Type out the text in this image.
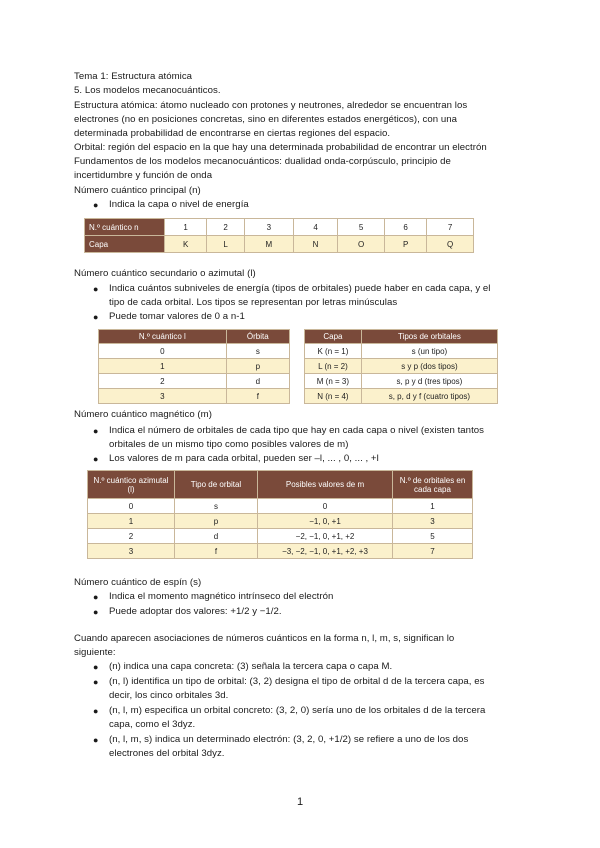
Tema 1: Estructura atómica
5. Los modelos mecanocuánticos.
Estructura atómica: átomo nucleado con protones y neutrones, alrededor se encuentran los
electrones (no en posiciones concretas, sino en diferentes estados energéticos), con una
determinada probabilidad de encontrarse en ciertas regiones del espacio.
Orbital: región del espacio en la que hay una determinada probabilidad de encontrar un electrón
Fundamentos de los modelos mecanocuánticos: dualidad onda-corpúsculo, principio de
incertidumbre y función de onda
Número cuántico principal (n)
● Indica la capa o nivel de energía
N.º cuántico n	1	2	3	4	5	6	7
Capa	K	L	M	N	O	P	Q
Número cuántico secundario o azimutal (l)
● Indica cuántos subniveles de energía (tipos de orbitales) puede haber en cada capa, y el
tipo de cada orbital. Los tipos se representan por letras minúsculas
● Puede tomar valores de 0 a n-1
N.º cuántico l	Órbita
0	s
1	p
2	d
3	f
Capa	Tipos de orbitales
K (n = 1)	s (un tipo)
L (n = 2)	s y p (dos tipos)
M (n = 3)	s, p y d (tres tipos)
N (n = 4)	s, p, d y f (cuatro tipos)
Número cuántico magnético (m)
● Indica el número de orbitales de cada tipo que hay en cada capa o nivel (existen tantos
orbitales de un mismo tipo como posibles valores de m)
● Los valores de m para cada orbital, pueden ser –l, ... , 0, ... , +l
N.º cuántico azimutal (l)	Tipo de orbital	Posibles valores de m	N.º de orbitales en cada capa
0	s	0	1
1	p	−1, 0, +1	3
2	d	−2, −1, 0, +1, +2	5
3	f	−3, −2, −1, 0, +1, +2, +3	7
Número cuántico de espín (s)
● Indica el momento magnético intrínseco del electrón
● Puede adoptar dos valores: +1/2 y −1/2.
Cuando aparecen asociaciones de números cuánticos en la forma n, l, m, s, significan lo
siguiente:
● (n) indica una capa concreta: (3) señala la tercera capa o capa M.
● (n, l) identifica un tipo de orbital: (3, 2) designa el tipo de orbital d de la tercera capa, es
decir, los cinco orbitales 3d.
● (n, l, m) especifica un orbital concreto: (3, 2, 0) sería uno de los orbitales d de la tercera
capa, como el 3dyz.
● (n, l, m, s) indica un determinado electrón: (3, 2, 0, +1/2) se refiere a uno de los dos
electrones del orbital 3dyz.
1
